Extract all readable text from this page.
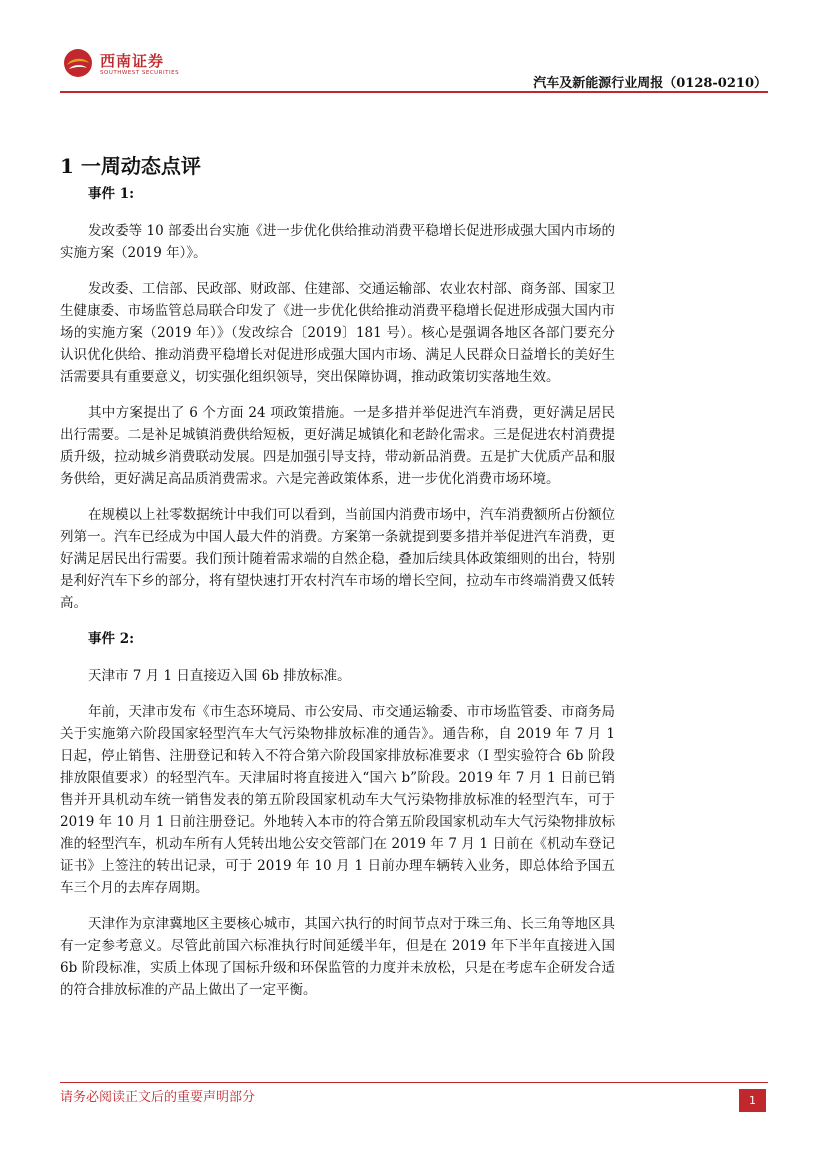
西南证券
SOUTHWEST SECURITIES
汽车及新能源行业周报（0128-0210）
1 一周动态点评

事件 1:

发改委等 10 部委出台实施《进一步优化供给推动消费平稳增长促进形成强大国内市场的实施方案（2019 年）》。

发改委、工信部、民政部、财政部、住建部、交通运输部、农业农村部、商务部、国家卫生健康委、市场监管总局联合印发了《进一步优化供给推动消费平稳增长促进形成强大国内市场的实施方案（2019 年）》（发改综合〔2019〕181 号）。核心是强调各地区各部门要充分认识优化供给、推动消费平稳增长对促进形成强大国内市场、满足人民群众日益增长的美好生活需要具有重要意义，切实强化组织领导，突出保障协调，推动政策切实落地生效。

其中方案提出了 6 个方面 24 项政策措施。一是多措并举促进汽车消费，更好满足居民出行需要。二是补足城镇消费供给短板，更好满足城镇化和老龄化需求。三是促进农村消费提质升级，拉动城乡消费联动发展。四是加强引导支持，带动新品消费。五是扩大优质产品和服务供给，更好满足高品质消费需求。六是完善政策体系，进一步优化消费市场环境。

在规模以上社零数据统计中我们可以看到，当前国内消费市场中，汽车消费额所占份额位列第一。汽车已经成为中国人最大件的消费。方案第一条就提到要多措并举促进汽车消费，更好满足居民出行需要。我们预计随着需求端的自然企稳，叠加后续具体政策细则的出台，特别是利好汽车下乡的部分，将有望快速打开农村汽车市场的增长空间，拉动车市终端消费又低转高。

事件 2:

天津市 7 月 1 日直接迈入国 6b 排放标准。

年前，天津市发布《市生态环境局、市公安局、市交通运输委、市市场监管委、市商务局关于实施第六阶段国家轻型汽车大气污染物排放标准的通告》。通告称，自 2019 年 7 月 1 日起，停止销售、注册登记和转入不符合第六阶段国家排放标准要求（I 型实验符合 6b 阶段排放限值要求）的轻型汽车。天津届时将直接进入“国六 b”阶段。2019 年 7 月 1 日前已销售并开具机动车统一销售发表的第五阶段国家机动车大气污染物排放标准的轻型汽车，可于 2019 年 10 月 1 日前注册登记。外地转入本市的符合第五阶段国家机动车大气污染物排放标准的轻型汽车，机动车所有人凭转出地公安交管部门在 2019 年 7 月 1 日前在《机动车登记证书》上签注的转出记录，可于 2019 年 10 月 1 日前办理车辆转入业务，即总体给予国五车三个月的去库存周期。

天津作为京津冀地区主要核心城市，其国六执行的时间节点对于珠三角、长三角等地区具有一定参考意义。尽管此前国六标准执行时间延缓半年，但是在 2019 年下半年直接进入国 6b 阶段标准，实质上体现了国标升级和环保监管的力度并未放松，只是在考虑车企研发合适的符合排放标准的产品上做出了一定平衡。

请务必阅读正文后的重要声明部分	1
